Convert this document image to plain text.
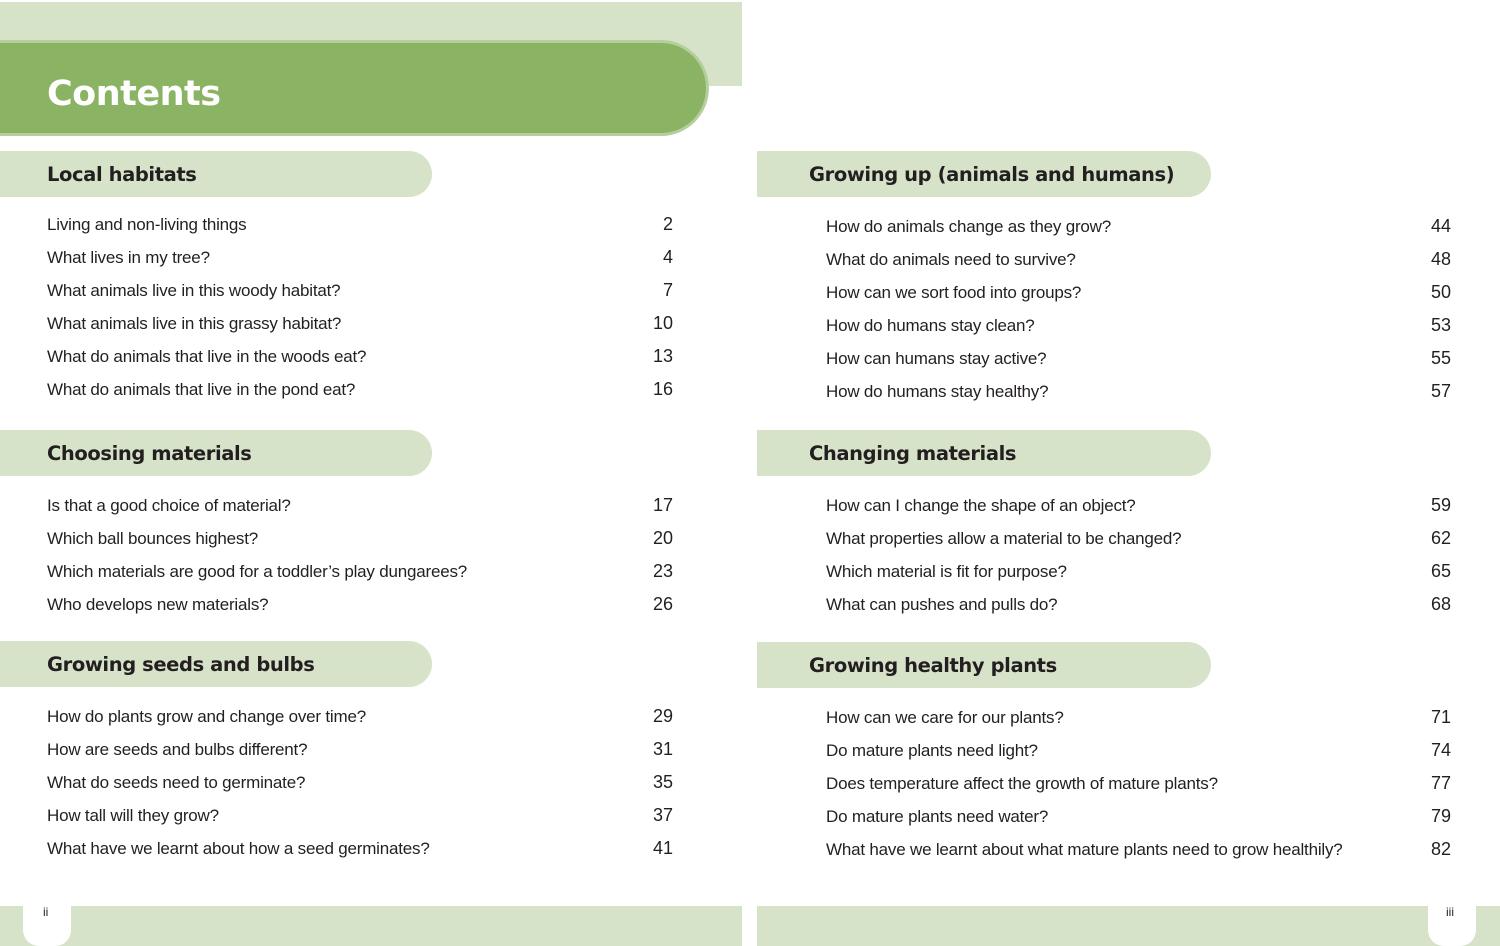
Contents
Local habitats
Living and non-living things	2
What lives in my tree?	4
What animals live in this woody habitat?	7
What animals live in this grassy habitat?	10
What do animals that live in the woods eat?	13
What do animals that live in the pond eat?	16
Choosing materials
Is that a good choice of material?	17
Which ball bounces highest?	20
Which materials are good for a toddler’s play dungarees?	23
Who develops new materials?	26
Growing seeds and bulbs
How do plants grow and change over time?	29
How are seeds and bulbs different?	31
What do seeds need to germinate?	35
How tall will they grow?	37
What have we learnt about how a seed germinates?	41
Growing up (animals and humans)
How do animals change as they grow?	44
What do animals need to survive?	48
How can we sort food into groups?	50
How do humans stay clean?	53
How can humans stay active?	55
How do humans stay healthy?	57
Changing materials
How can I change the shape of an object?	59
What properties allow a material to be changed?	62
Which material is fit for purpose?	65
What can pushes and pulls do?	68
Growing healthy plants
How can we care for our plants?	71
Do mature plants need light?	74
Does temperature affect the growth of mature plants?	77
Do mature plants need water?	79
What have we learnt about what mature plants need to grow healthily?	82
ii	iii
